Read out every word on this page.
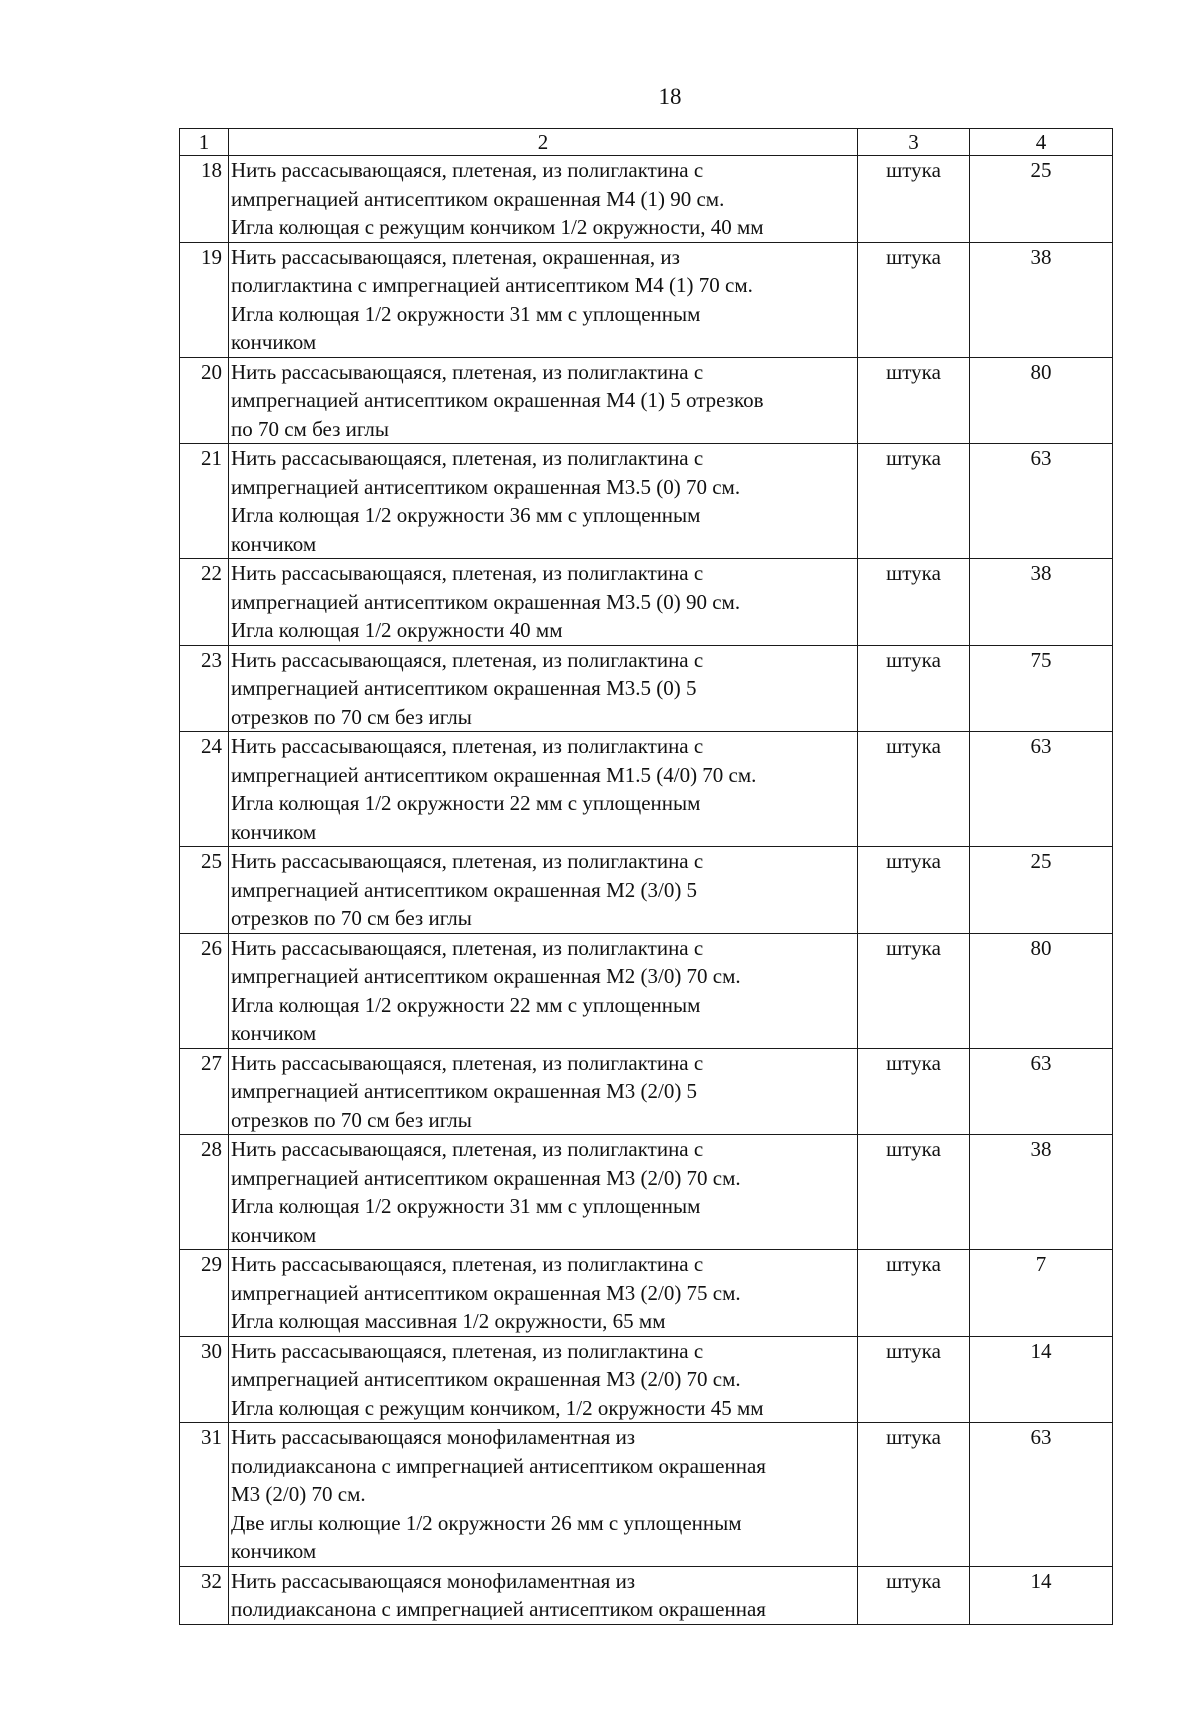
18
1	2	3	4
18	Нить рассасывающаяся, плетеная, из полиглактина с
импрегнацией антисептиком окрашенная М4 (1) 90 см.
Игла колющая с режущим кончиком 1/2 окружности, 40 мм	штука	25
19	Нить рассасывающаяся, плетеная, окрашенная, из
полиглактина с импрегнацией антисептиком М4 (1) 70 см.
Игла колющая 1/2 окружности 31 мм с уплощенным
кончиком	штука	38
20	Нить рассасывающаяся, плетеная, из полиглактина с
импрегнацией антисептиком окрашенная М4 (1) 5 отрезков
по 70 см без иглы	штука	80
21	Нить рассасывающаяся, плетеная, из полиглактина с
импрегнацией антисептиком окрашенная М3.5 (0) 70 см.
Игла колющая 1/2 окружности 36 мм с уплощенным
кончиком	штука	63
22	Нить рассасывающаяся, плетеная, из полиглактина с
импрегнацией антисептиком окрашенная М3.5 (0) 90 см.
Игла колющая 1/2 окружности 40 мм	штука	38
23	Нить рассасывающаяся, плетеная, из полиглактина с
импрегнацией антисептиком окрашенная М3.5 (0) 5
отрезков по 70 см без иглы	штука	75
24	Нить рассасывающаяся, плетеная, из полиглактина с
импрегнацией антисептиком окрашенная М1.5 (4/0) 70 см.
Игла колющая 1/2 окружности 22 мм с уплощенным
кончиком	штука	63
25	Нить рассасывающаяся, плетеная, из полиглактина с
импрегнацией антисептиком окрашенная М2 (3/0) 5
отрезков по 70 см без иглы	штука	25
26	Нить рассасывающаяся, плетеная, из полиглактина с
импрегнацией антисептиком окрашенная М2 (3/0) 70 см.
Игла колющая 1/2 окружности 22 мм с уплощенным
кончиком	штука	80
27	Нить рассасывающаяся, плетеная, из полиглактина с
импрегнацией антисептиком окрашенная М3 (2/0) 5
отрезков по 70 см без иглы	штука	63
28	Нить рассасывающаяся, плетеная, из полиглактина с
импрегнацией антисептиком окрашенная М3 (2/0) 70 см.
Игла колющая 1/2 окружности 31 мм с уплощенным
кончиком	штука	38
29	Нить рассасывающаяся, плетеная, из полиглактина с
импрегнацией антисептиком окрашенная М3 (2/0) 75 см.
Игла колющая массивная 1/2 окружности, 65 мм	штука	7
30	Нить рассасывающаяся, плетеная, из полиглактина с
импрегнацией антисептиком окрашенная М3 (2/0) 70 см.
Игла колющая с режущим кончиком, 1/2 окружности 45 мм	штука	14
31	Нить рассасывающаяся монофиламентная из
полидиаксанона с импрегнацией антисептиком окрашенная
М3 (2/0) 70 см.
Две иглы колющие 1/2 окружности 26 мм с уплощенным
кончиком	штука	63
32	Нить рассасывающаяся монофиламентная из
полидиаксанона с импрегнацией антисептиком окрашенная	штука	14
